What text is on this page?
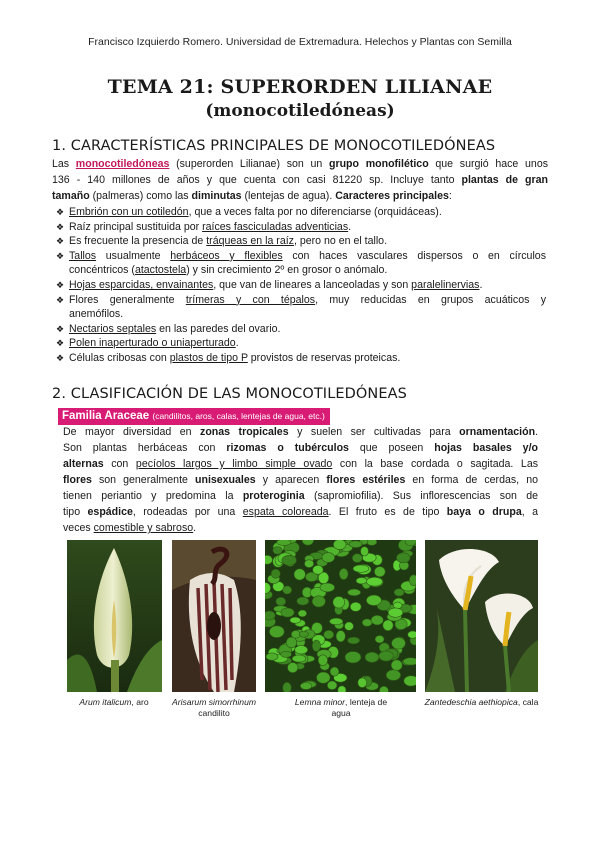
Francisco Izquierdo Romero. Universidad de Extremadura. Helechos y Plantas con Semilla
TEMA 21: SUPERORDEN LILIANAE
(monocotiledóneas)
1. CARACTERÍSTICAS PRINCIPALES DE MONOCOTILEDÓNEAS
Las monocotiledóneas (superorden Lilianae) son un grupo monofilético que surgió hace unos
136 - 140 millones de años y que cuenta con casi 81220 sp. Incluye tanto plantas de gran
tamaño (palmeras) como las diminutas (lentejas de agua). Caracteres principales:
❖ Embrión con un cotiledón, que a veces falta por no diferenciarse (orquidáceas).
❖ Raíz principal sustituida por raíces fasciculadas adventicias.
❖ Es frecuente la presencia de tráqueas en la raíz, pero no en el tallo.
❖ Tallos usualmente herbáceos y flexibles con haces vasculares dispersos o en círculos
concéntricos (atactostela) y sin crecimiento 2º en grosor o anómalo.
❖ Hojas esparcidas, envainantes, que van de lineares a lanceoladas y son paralelinervias.
❖ Flores generalmente trímeras y con tépalos, muy reducidas en grupos acuáticos y
anemófilos.
❖ Nectarios septales en las paredes del ovario.
❖ Polen inaperturado o uniaperturado.
❖ Células cribosas con plastos de tipo P provistos de reservas proteicas.
2. CLASIFICACIÓN DE LAS MONOCOTILEDÓNEAS
Familia Araceae (candilitos, aros, calas, lentejas de agua, etc.)
De mayor diversidad en zonas tropicales y suelen ser cultivadas para ornamentación.
Son plantas herbáceas con rizomas o tubérculos que poseen hojas basales y/o
alternas con pecíolos largos y limbo simple ovado con la base cordada o sagitada. Las
flores son generalmente unisexuales y aparecen flores estériles en forma de cerdas, no
tienen periantio y predomina la proteroginia (sapromiofilia). Sus inflorescencias son de
tipo espádice, rodeadas por una espata coloreada. El fruto es de tipo baya o drupa, a
veces comestible y sabroso.
Arum italicum, aro	Arisarum simorrhinum
candilito
Lemna minor, lenteja de agua
Zantedeschia aethiopica, cala
